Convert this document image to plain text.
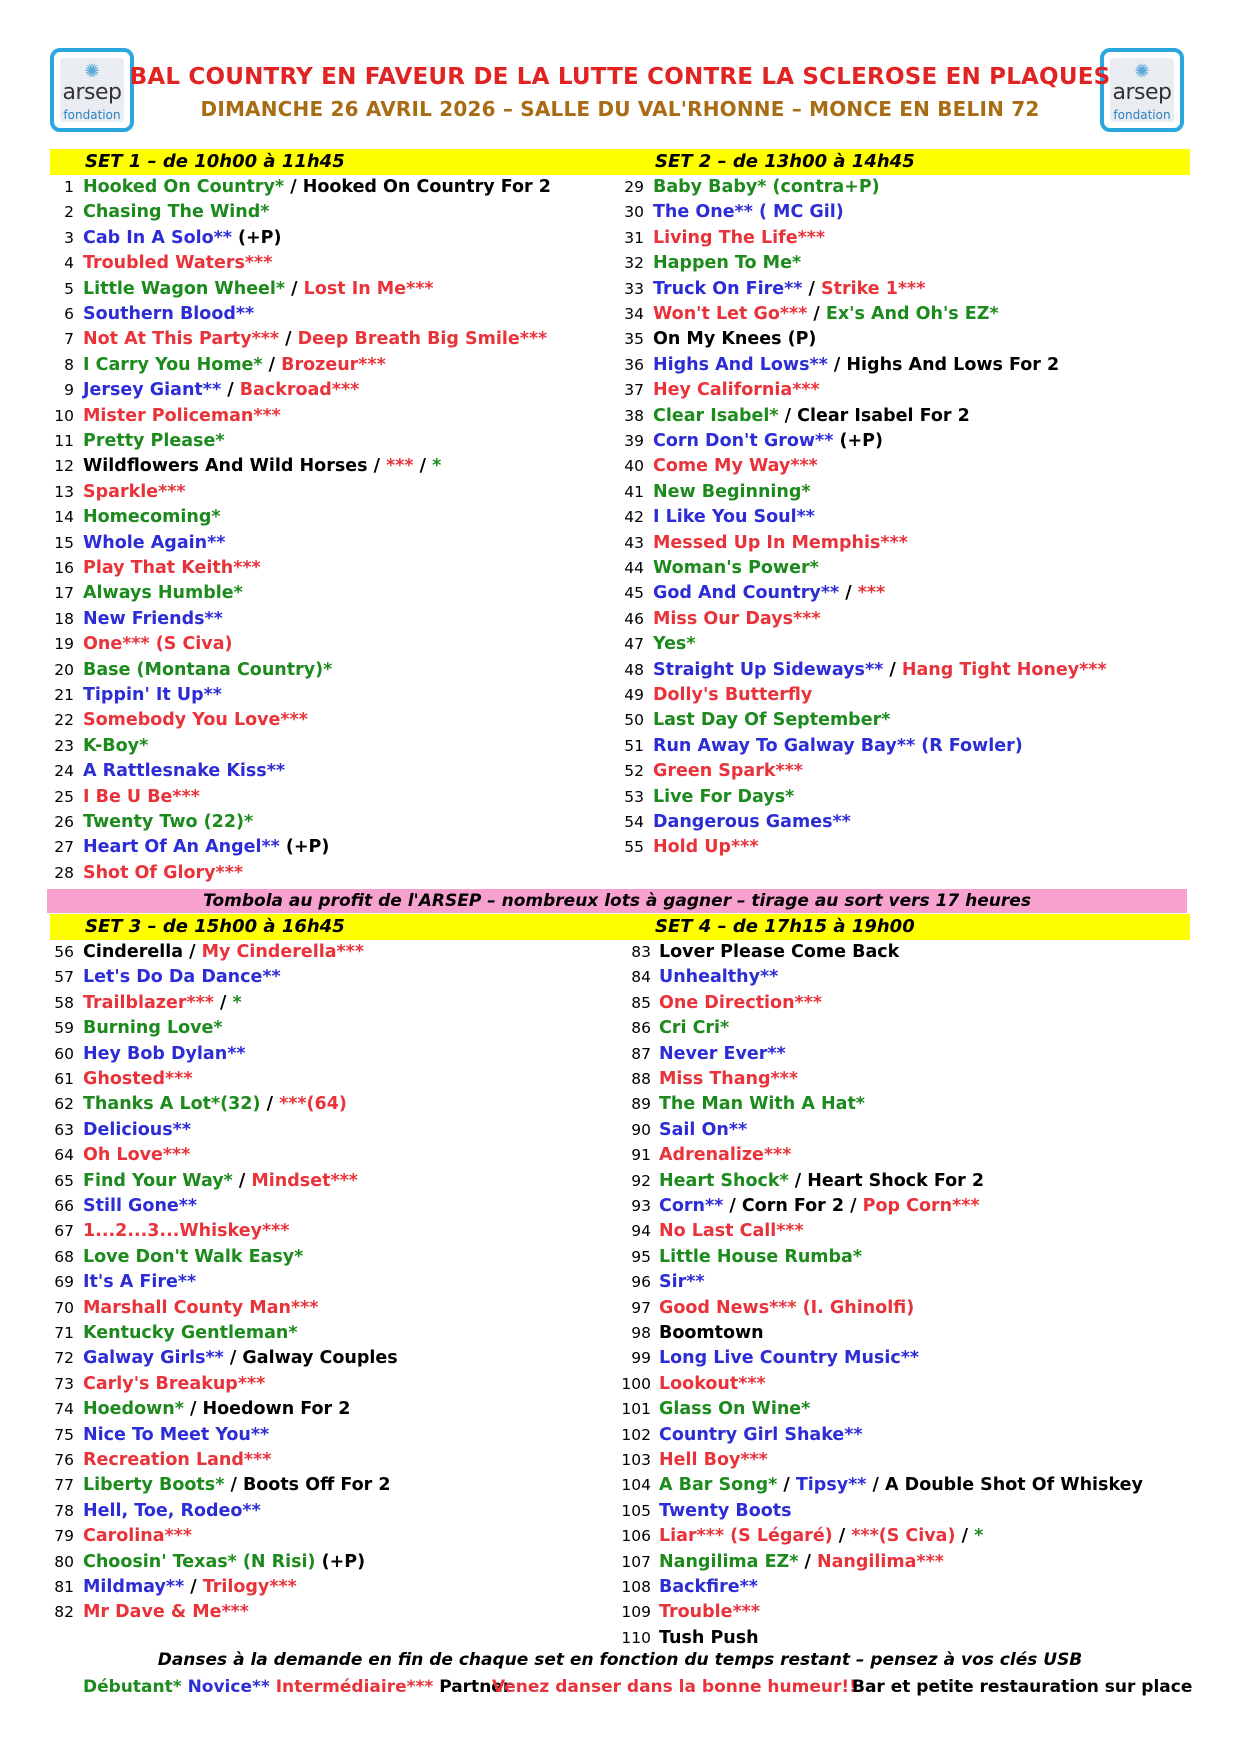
✺
arsep
fondation
✺
arsep
fondation
BAL COUNTRY EN FAVEUR DE LA LUTTE CONTRE LA SCLEROSE EN PLAQUES
DIMANCHE 26 AVRIL 2026 – SALLE DU VAL'RHONNE – MONCE EN BELIN 72
SET 1 – de 10h00 à 11h45	SET 2 – de 13h00 à 14h45
SET 3 – de 15h00 à 16h45	SET 4 – de 17h15 à 19h00
1 Hooked On Country* / Hooked On Country For 2
2 Chasing The Wind*
3 Cab In A Solo** (+P)
4 Troubled Waters***
5 Little Wagon Wheel* / Lost In Me***
6 Southern Blood**
7 Not At This Party*** / Deep Breath Big Smile***
8 I Carry You Home* / Brozeur***
9 Jersey Giant** / Backroad***
10 Mister Policeman***
11 Pretty Please*
12 Wildflowers And Wild Horses / *** / *
13 Sparkle***
14 Homecoming*
15 Whole Again**
16 Play That Keith***
17 Always Humble*
18 New Friends**
19 One*** (S Civa)
20 Base (Montana Country)*
21 Tippin' It Up**
22 Somebody You Love***
23 K-Boy*
24 A Rattlesnake Kiss**
25 I Be U Be***
26 Twenty Two (22)*
27 Heart Of An Angel** (+P)
28 Shot Of Glory***
29 Baby Baby* (contra+P)
30 The One** ( MC Gil)
31 Living The Life***
32 Happen To Me*
33 Truck On Fire** / Strike 1***
34 Won't Let Go*** / Ex's And Oh's EZ*
35 On My Knees (P)
36 Highs And Lows** / Highs And Lows For 2
37 Hey California***
38 Clear Isabel* / Clear Isabel For 2
39 Corn Don't Grow** (+P)
40 Come My Way***
41 New Beginning*
42 I Like You Soul**
43 Messed Up In Memphis***
44 Woman's Power*
45 God And Country** / ***
46 Miss Our Days***
47 Yes*
48 Straight Up Sideways** / Hang Tight Honey***
49 Dolly's Butterfly
50 Last Day Of September*
51 Run Away To Galway Bay** (R Fowler)
52 Green Spark***
53 Live For Days*
54 Dangerous Games**
55 Hold Up***
56 Cinderella / My Cinderella***
57 Let's Do Da Dance**
58 Trailblazer*** / *
59 Burning Love*
60 Hey Bob Dylan**
61 Ghosted***
62 Thanks A Lot*(32) / ***(64)
63 Delicious**
64 Oh Love***
65 Find Your Way* / Mindset***
66 Still Gone**
67 1...2...3...Whiskey***
68 Love Don't Walk Easy*
69 It's A Fire**
70 Marshall County Man***
71 Kentucky Gentleman*
72 Galway Girls** / Galway Couples
73 Carly's Breakup***
74 Hoedown* / Hoedown For 2
75 Nice To Meet You**
76 Recreation Land***
77 Liberty Boots* / Boots Off For 2
78 Hell, Toe, Rodeo**
79 Carolina***
80 Choosin' Texas* (N Risi) (+P)
81 Mildmay** / Trilogy***
82 Mr Dave & Me***
83 Lover Please Come Back
84 Unhealthy**
85 One Direction***
86 Cri Cri*
87 Never Ever**
88 Miss Thang***
89 The Man With A Hat*
90 Sail On**
91 Adrenalize***
92 Heart Shock* / Heart Shock For 2
93 Corn** / Corn For 2 / Pop Corn***
94 No Last Call***
95 Little House Rumba*
96 Sir**
97 Good News*** (I. Ghinolfi)
98 Boomtown
99 Long Live Country Music**
100 Lookout***
101 Glass On Wine*
102 Country Girl Shake**
103 Hell Boy***
104 A Bar Song* / Tipsy** / A Double Shot Of Whiskey
105 Twenty Boots
106 Liar*** (S Légaré) / ***(S Civa) / *
107 Nangilima EZ* / Nangilima***
108 Backfire**
109 Trouble***
110 Tush Push
Tombola au profit de l'ARSEP – nombreux lots à gagner – tirage au sort vers 17 heures
Danses à la demande en fin de chaque set en fonction du temps restant – pensez à vos clés USB
Débutant* Novice** Intermédiaire*** Partner
Venez danser dans la bonne humeur!!
Bar et petite restauration sur place
